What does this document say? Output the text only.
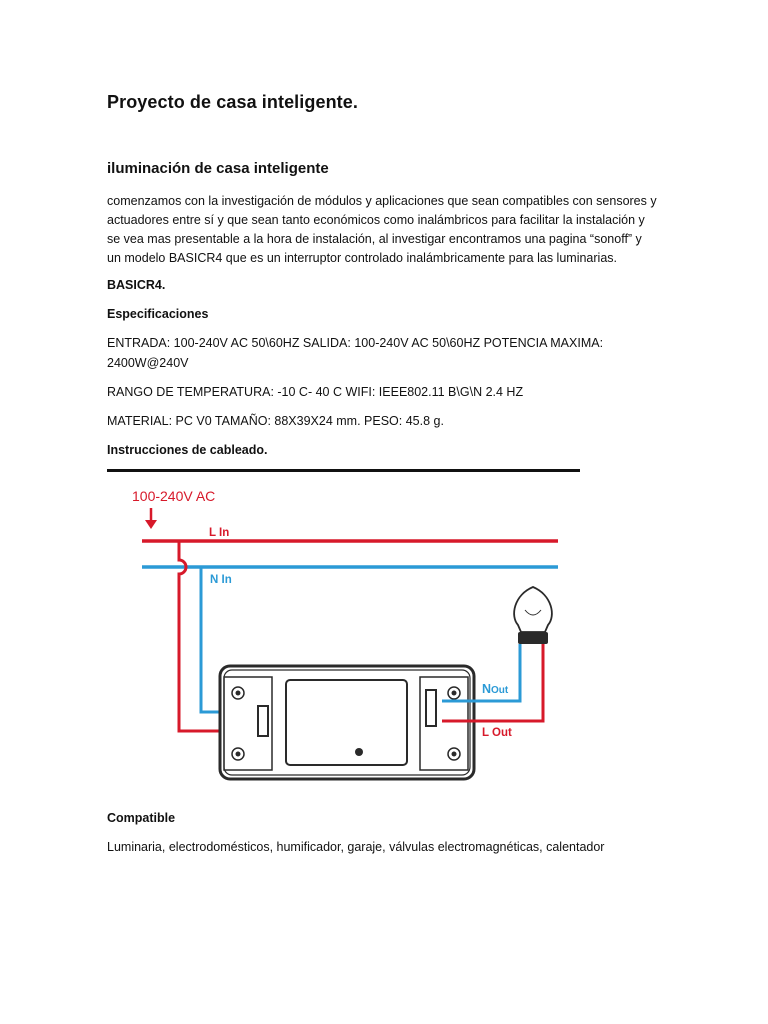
Proyecto de casa inteligente.
iluminación de casa inteligente
comenzamos con la investigación de módulos y aplicaciones que sean compatibles con sensores y
actuadores entre sí y que sean tanto económicos como inalámbricos para facilitar la instalación y
se vea mas presentable a la hora de instalación, al investigar encontramos una pagina “sonoff” y
un modelo BASICR4 que es un interruptor controlado inalámbricamente para las luminarias.

BASICR4.

Especificaciones

ENTRADA: 100-240V AC 50\60HZ SALIDA: 100-240V AC 50\60HZ POTENCIA MAXIMA:

2400W@240V

RANGO DE TEMPERATURA: -10 C- 40 C WIFI: IEEE802.11 B\G\N 2.4 HZ

MATERIAL: PC V0 TAMAÑO: 88X39X24 mm. PESO: 45.8 g.

Instrucciones de cableado.

100-240V AC
L In
N In
NOut
L Out

Compatible

Luminaria, electrodomésticos, humificador, garaje, válvulas electromagnéticas, calentador
